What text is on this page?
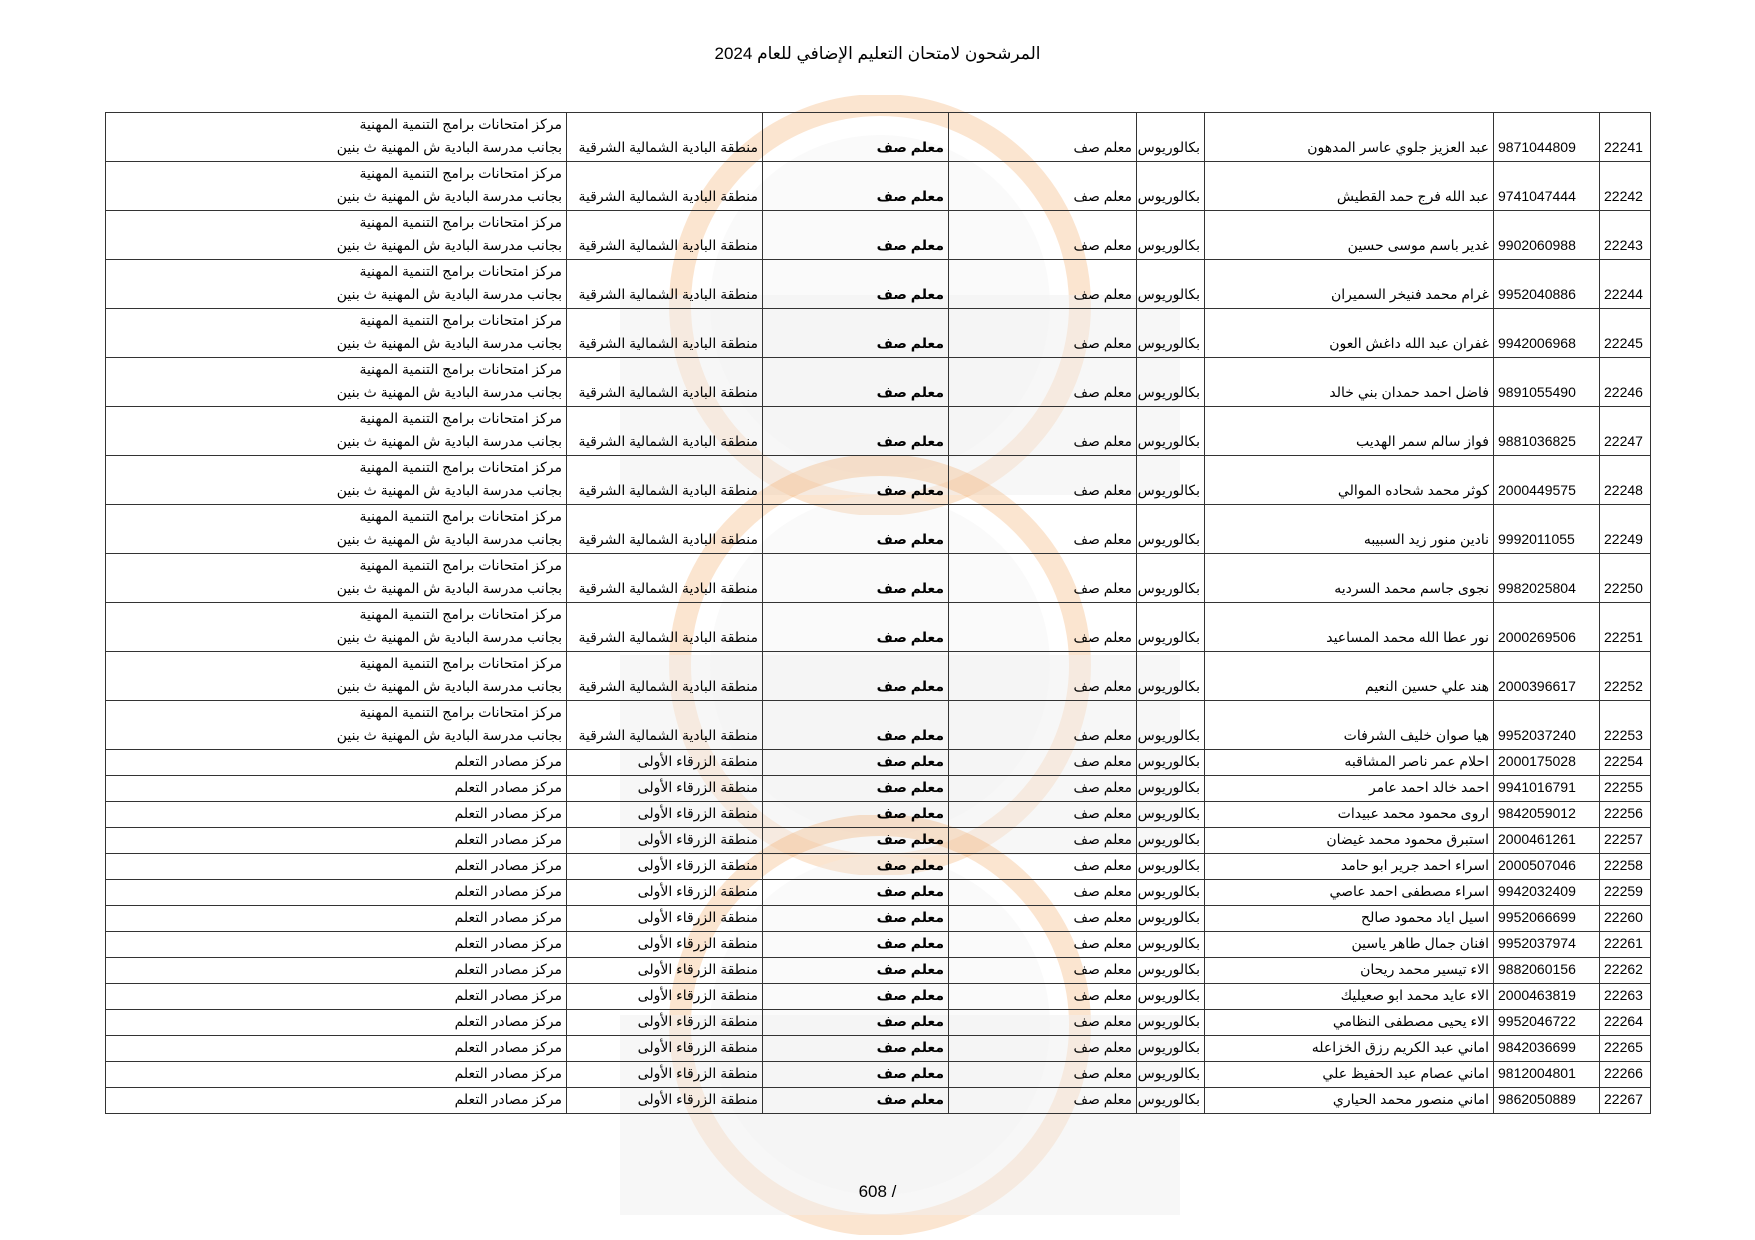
المرشحون لامتحان التعليم الإضافي للعام 2024
22241	9871044809	عبد العزيز جلوي عاسر المدهون	بكالوريوس	معلم صف	معلم صف	منطقة البادية الشمالية الشرقية	مركز امتحانات برامج التنمية المهنية
بجانب مدرسة البادية ش المهنية ث بنين

22242	9741047444	عبد الله فرج حمد القطيش	بكالوريوس	معلم صف	معلم صف	منطقة البادية الشمالية الشرقية	مركز امتحانات برامج التنمية المهنية
بجانب مدرسة البادية ش المهنية ث بنين

22243	9902060988	غدير باسم موسى حسين	بكالوريوس	معلم صف	معلم صف	منطقة البادية الشمالية الشرقية	مركز امتحانات برامج التنمية المهنية
بجانب مدرسة البادية ش المهنية ث بنين

22244	9952040886	غرام محمد فنيخر السميران	بكالوريوس	معلم صف	معلم صف	منطقة البادية الشمالية الشرقية	مركز امتحانات برامج التنمية المهنية
بجانب مدرسة البادية ش المهنية ث بنين

22245	9942006968	غفران عبد الله داغش العون	بكالوريوس	معلم صف	معلم صف	منطقة البادية الشمالية الشرقية	مركز امتحانات برامج التنمية المهنية
بجانب مدرسة البادية ش المهنية ث بنين

22246	9891055490	فاضل احمد حمدان بني خالد	بكالوريوس	معلم صف	معلم صف	منطقة البادية الشمالية الشرقية	مركز امتحانات برامج التنمية المهنية
بجانب مدرسة البادية ش المهنية ث بنين

22247	9881036825	فواز سالم سمر الهديب	بكالوريوس	معلم صف	معلم صف	منطقة البادية الشمالية الشرقية	مركز امتحانات برامج التنمية المهنية
بجانب مدرسة البادية ش المهنية ث بنين

22248	2000449575	كوثر محمد شحاده الموالي	بكالوريوس	معلم صف	معلم صف	منطقة البادية الشمالية الشرقية	مركز امتحانات برامج التنمية المهنية
بجانب مدرسة البادية ش المهنية ث بنين

22249	9992011055	نادين منور زيد السبيبه	بكالوريوس	معلم صف	معلم صف	منطقة البادية الشمالية الشرقية	مركز امتحانات برامج التنمية المهنية
بجانب مدرسة البادية ش المهنية ث بنين

22250	9982025804	نجوى جاسم محمد السرديه	بكالوريوس	معلم صف	معلم صف	منطقة البادية الشمالية الشرقية	مركز امتحانات برامج التنمية المهنية
بجانب مدرسة البادية ش المهنية ث بنين

22251	2000269506	نور عطا الله محمد المساعيد	بكالوريوس	معلم صف	معلم صف	منطقة البادية الشمالية الشرقية	مركز امتحانات برامج التنمية المهنية
بجانب مدرسة البادية ش المهنية ث بنين

22252	2000396617	هند علي حسين النعيم	بكالوريوس	معلم صف	معلم صف	منطقة البادية الشمالية الشرقية	مركز امتحانات برامج التنمية المهنية
بجانب مدرسة البادية ش المهنية ث بنين

22253	9952037240	هيا صوان خليف الشرفات	بكالوريوس	معلم صف	معلم صف	منطقة البادية الشمالية الشرقية	مركز امتحانات برامج التنمية المهنية
بجانب مدرسة البادية ش المهنية ث بنين

22254	2000175028	احلام عمر ناصر المشاقبه	بكالوريوس	معلم صف	معلم صف	منطقة الزرقاء الأولى	مركز مصادر التعلم

22255	9941016791	احمد خالد احمد عامر	بكالوريوس	معلم صف	معلم صف	منطقة الزرقاء الأولى	مركز مصادر التعلم

22256	9842059012	اروى محمود محمد عبيدات	بكالوريوس	معلم صف	معلم صف	منطقة الزرقاء الأولى	مركز مصادر التعلم

22257	2000461261	استبرق محمود محمد غيضان	بكالوريوس	معلم صف	معلم صف	منطقة الزرقاء الأولى	مركز مصادر التعلم

22258	2000507046	اسراء احمد جرير ابو حامد	بكالوريوس	معلم صف	معلم صف	منطقة الزرقاء الأولى	مركز مصادر التعلم

22259	9942032409	اسراء مصطفى احمد عاصي	بكالوريوس	معلم صف	معلم صف	منطقة الزرقاء الأولى	مركز مصادر التعلم

22260	9952066699	اسيل اياد محمود صالح	بكالوريوس	معلم صف	معلم صف	منطقة الزرقاء الأولى	مركز مصادر التعلم

22261	9952037974	افنان جمال طاهر ياسين	بكالوريوس	معلم صف	معلم صف	منطقة الزرقاء الأولى	مركز مصادر التعلم

22262	9882060156	الاء تيسير محمد ريحان	بكالوريوس	معلم صف	معلم صف	منطقة الزرقاء الأولى	مركز مصادر التعلم

22263	2000463819	الاء عايد محمد ابو صعيليك	بكالوريوس	معلم صف	معلم صف	منطقة الزرقاء الأولى	مركز مصادر التعلم

22264	9952046722	الاء يحيى مصطفى النظامي	بكالوريوس	معلم صف	معلم صف	منطقة الزرقاء الأولى	مركز مصادر التعلم

22265	9842036699	اماني عبد الكريم رزق الخزاعله	بكالوريوس	معلم صف	معلم صف	منطقة الزرقاء الأولى	مركز مصادر التعلم

22266	9812004801	اماني عصام عبد الحفيظ علي	بكالوريوس	معلم صف	معلم صف	منطقة الزرقاء الأولى	مركز مصادر التعلم

22267	9862050889	اماني منصور محمد الحياري	بكالوريوس	معلم صف	معلم صف	منطقة الزرقاء الأولى	مركز مصادر التعلم
608 /
